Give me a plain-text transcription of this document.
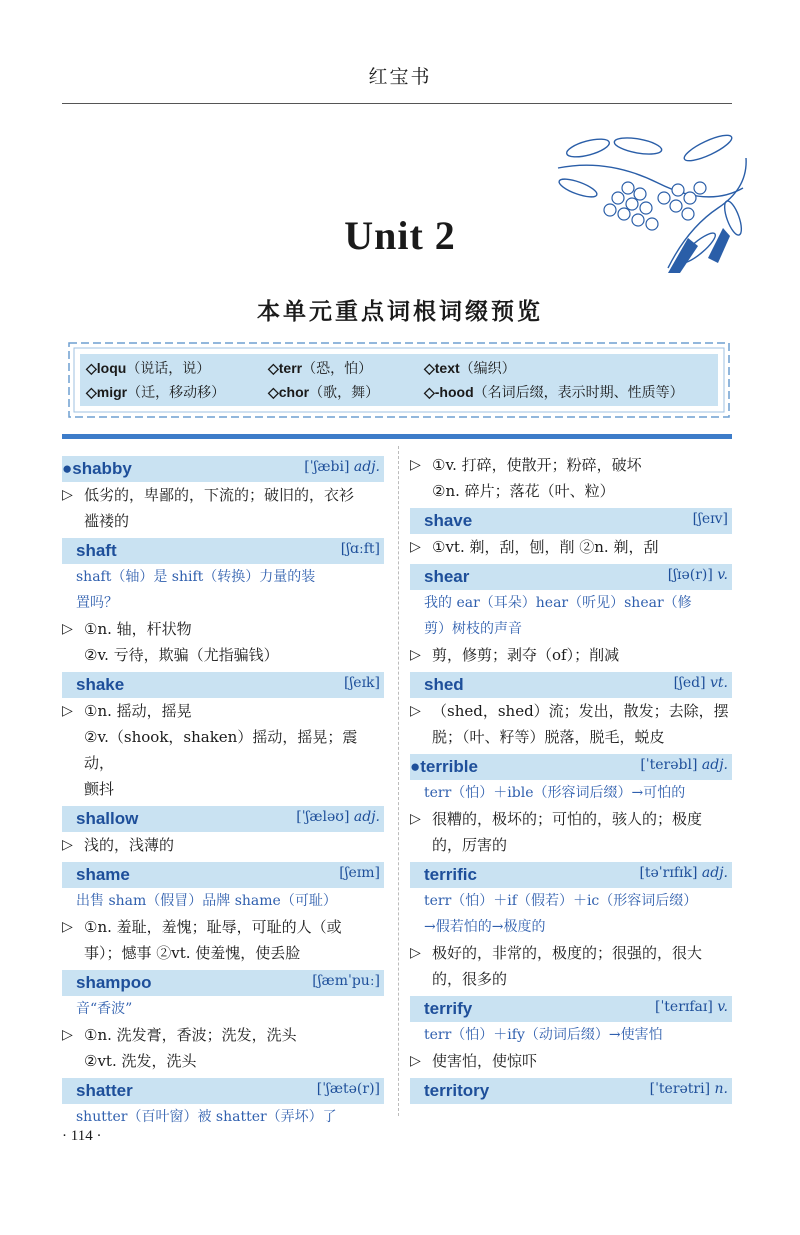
红宝书
Unit 2
本单元重点词根词缀预览
◇loqu（说话，说）	◇terr（恐，怕）	◇text（编织）
◇migr（迁，移动移）	◇chor（歌，舞）	◇-hood（名词后缀，表示时期、性质等）
●shabby	[ˈʃæbi] adj.

▷ 低劣的，卑鄙的，下流的；破旧的，衣衫
褴褛的

shaft	[ʃɑːft]

shaft（轴）是 shift（转换）力量的装
置吗？

▷ ①n. 轴，杆状物
②v. 亏待，欺骗（尤指骗钱）

shake	[ʃeɪk]

▷ ①n. 摇动，摇晃
②v.（shook，shaken）摇动，摇晃；震动，
颤抖

shallow	[ˈʃæləʊ] adj.

▷ 浅的，浅薄的

shame	[ʃeɪm]

出售 sham（假冒）品牌 shame（可耻）

▷ ①n. 羞耻，羞愧；耻辱，可耻的人（或
事）；憾事 ②vt. 使羞愧，使丢脸

shampoo	[ʃæmˈpuː]

音“香波”

▷ ①n. 洗发膏，香波；洗发，洗头
②vt. 洗发，洗头

shatter	[ˈʃætə(r)]

shutter（百叶窗）被 shatter（弄坏）了

▷ ①v. 打碎，使散开；粉碎，破坏
②n. 碎片；落花（叶、粒）

shave	[ʃeɪv]

▷ ①vt. 剃，刮，刨，削 ②n. 剃，刮

shear	[ʃɪə(r)] v.

我的 ear（耳朵）hear（听见）shear（修
剪）树枝的声音

▷ 剪，修剪；剥夺（of）；削减

shed	[ʃed] vt.

▷ （shed，shed）流；发出，散发；去除，摆
脱；（叶、籽等）脱落，脱毛，蜕皮

●terrible	[ˈterəbl] adj.

terr（怕）＋ible（形容词后缀）→可怕的

▷ 很糟的，极坏的；可怕的，骇人的；极度
的，厉害的

terrific	[təˈrɪfɪk] adj.

terr（怕）＋if（假若）＋ic（形容词后缀）
→假若怕的→极度的

▷ 极好的，非常的，极度的；很强的，很大
的，很多的

terrify	[ˈterɪfaɪ] v.

terr（怕）＋ify（动词后缀）→使害怕

▷ 使害怕，使惊吓

territory	[ˈterətri] n.
· 114 ·
